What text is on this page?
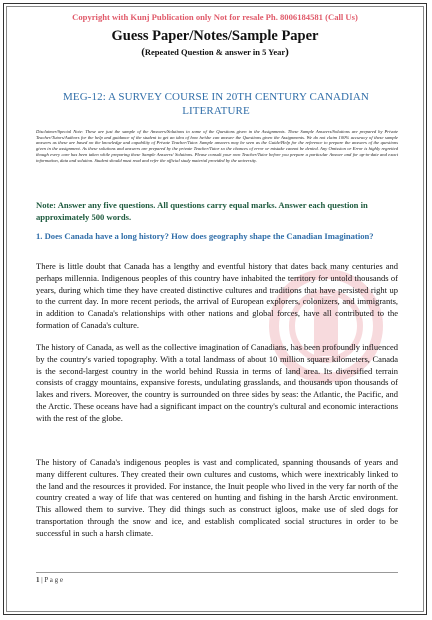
Copyright with Kunj Publication only Not for resale Ph. 8006184581 (Call Us)
Guess Paper/Notes/Sample Paper
(Repeated Question & answer in 5 Year)
MEG-12: A SURVEY COURSE IN 20TH CENTURY CANADIAN LITERATURE
Disclaimer/Special Note: These are just the sample of the Answers/Solutions to some of the Questions given in the Assignments. These Sample Answers/Solutions are prepared by Private Teacher/Tutors/Authors for the help and guidance of the student to get an idea of how he/she can answer the Questions given the Assignments. We do not claim 100% accuracy of these sample answers as these are based on the knowledge and capability of Private Teacher/Tutor. Sample answers may be seen as the Guide/Help for the reference to prepare the answers of the questions given in the assignment. As these solutions and answers are prepared by the private Teacher/Tutor so the chances of error or mistake cannot be denied. Any Omission or Error is highly regretted though every care has been taken while preparing these Sample Answers/ Solutions. Please consult your own Teacher/Tutor before you prepare a particular Answer and for up-to-date and exact information, data and solution. Student should must read and refer the official study material provided by the university.
Note: Answer any five questions. All questions carry equal marks. Answer each question in approximately 500 words.
1. Does Canada have a long history? How does geography shape the Canadian Imagination?
There is little doubt that Canada has a lengthy and eventful history that dates back many centuries and perhaps millennia. Indigenous peoples of this country have inhabited the territory for untold thousands of years, during which time they have created distinctive cultures and traditions that have persisted right up to the current day. In more recent periods, the arrival of European explorers, colonizers, and immigrants, in addition to Canada's relationships with other nations and global forces, have all contributed to the formation of Canada's culture.
The history of Canada, as well as the collective imagination of Canadians, has been profoundly influenced by the country's varied topography. With a total landmass of about 10 million square kilometers, Canada is the second-largest country in the world behind Russia in terms of land area. Its diversified terrain consists of craggy mountains, expansive forests, undulating grasslands, and thousands upon thousands of lakes and rivers. Moreover, the country is surrounded on three sides by seas: the Atlantic, the Pacific, and the Arctic. These oceans have had a significant impact on the country's cultural and economic interactions with the rest of the globe.
The history of Canada's indigenous peoples is vast and complicated, spanning thousands of years and many different cultures. They created their own cultures and customs, which were inextricably linked to the land and the resources it provided. For instance, the Inuit people who lived in the very far north of the country created a way of life that was centered on hunting and fishing in the harsh Arctic environment. This allowed them to survive. They did things such as construct igloos, make use of sled dogs for transportation through the snow and ice, and establish complicated social structures in order to be successful in such a harsh climate.
1 | P a g e
